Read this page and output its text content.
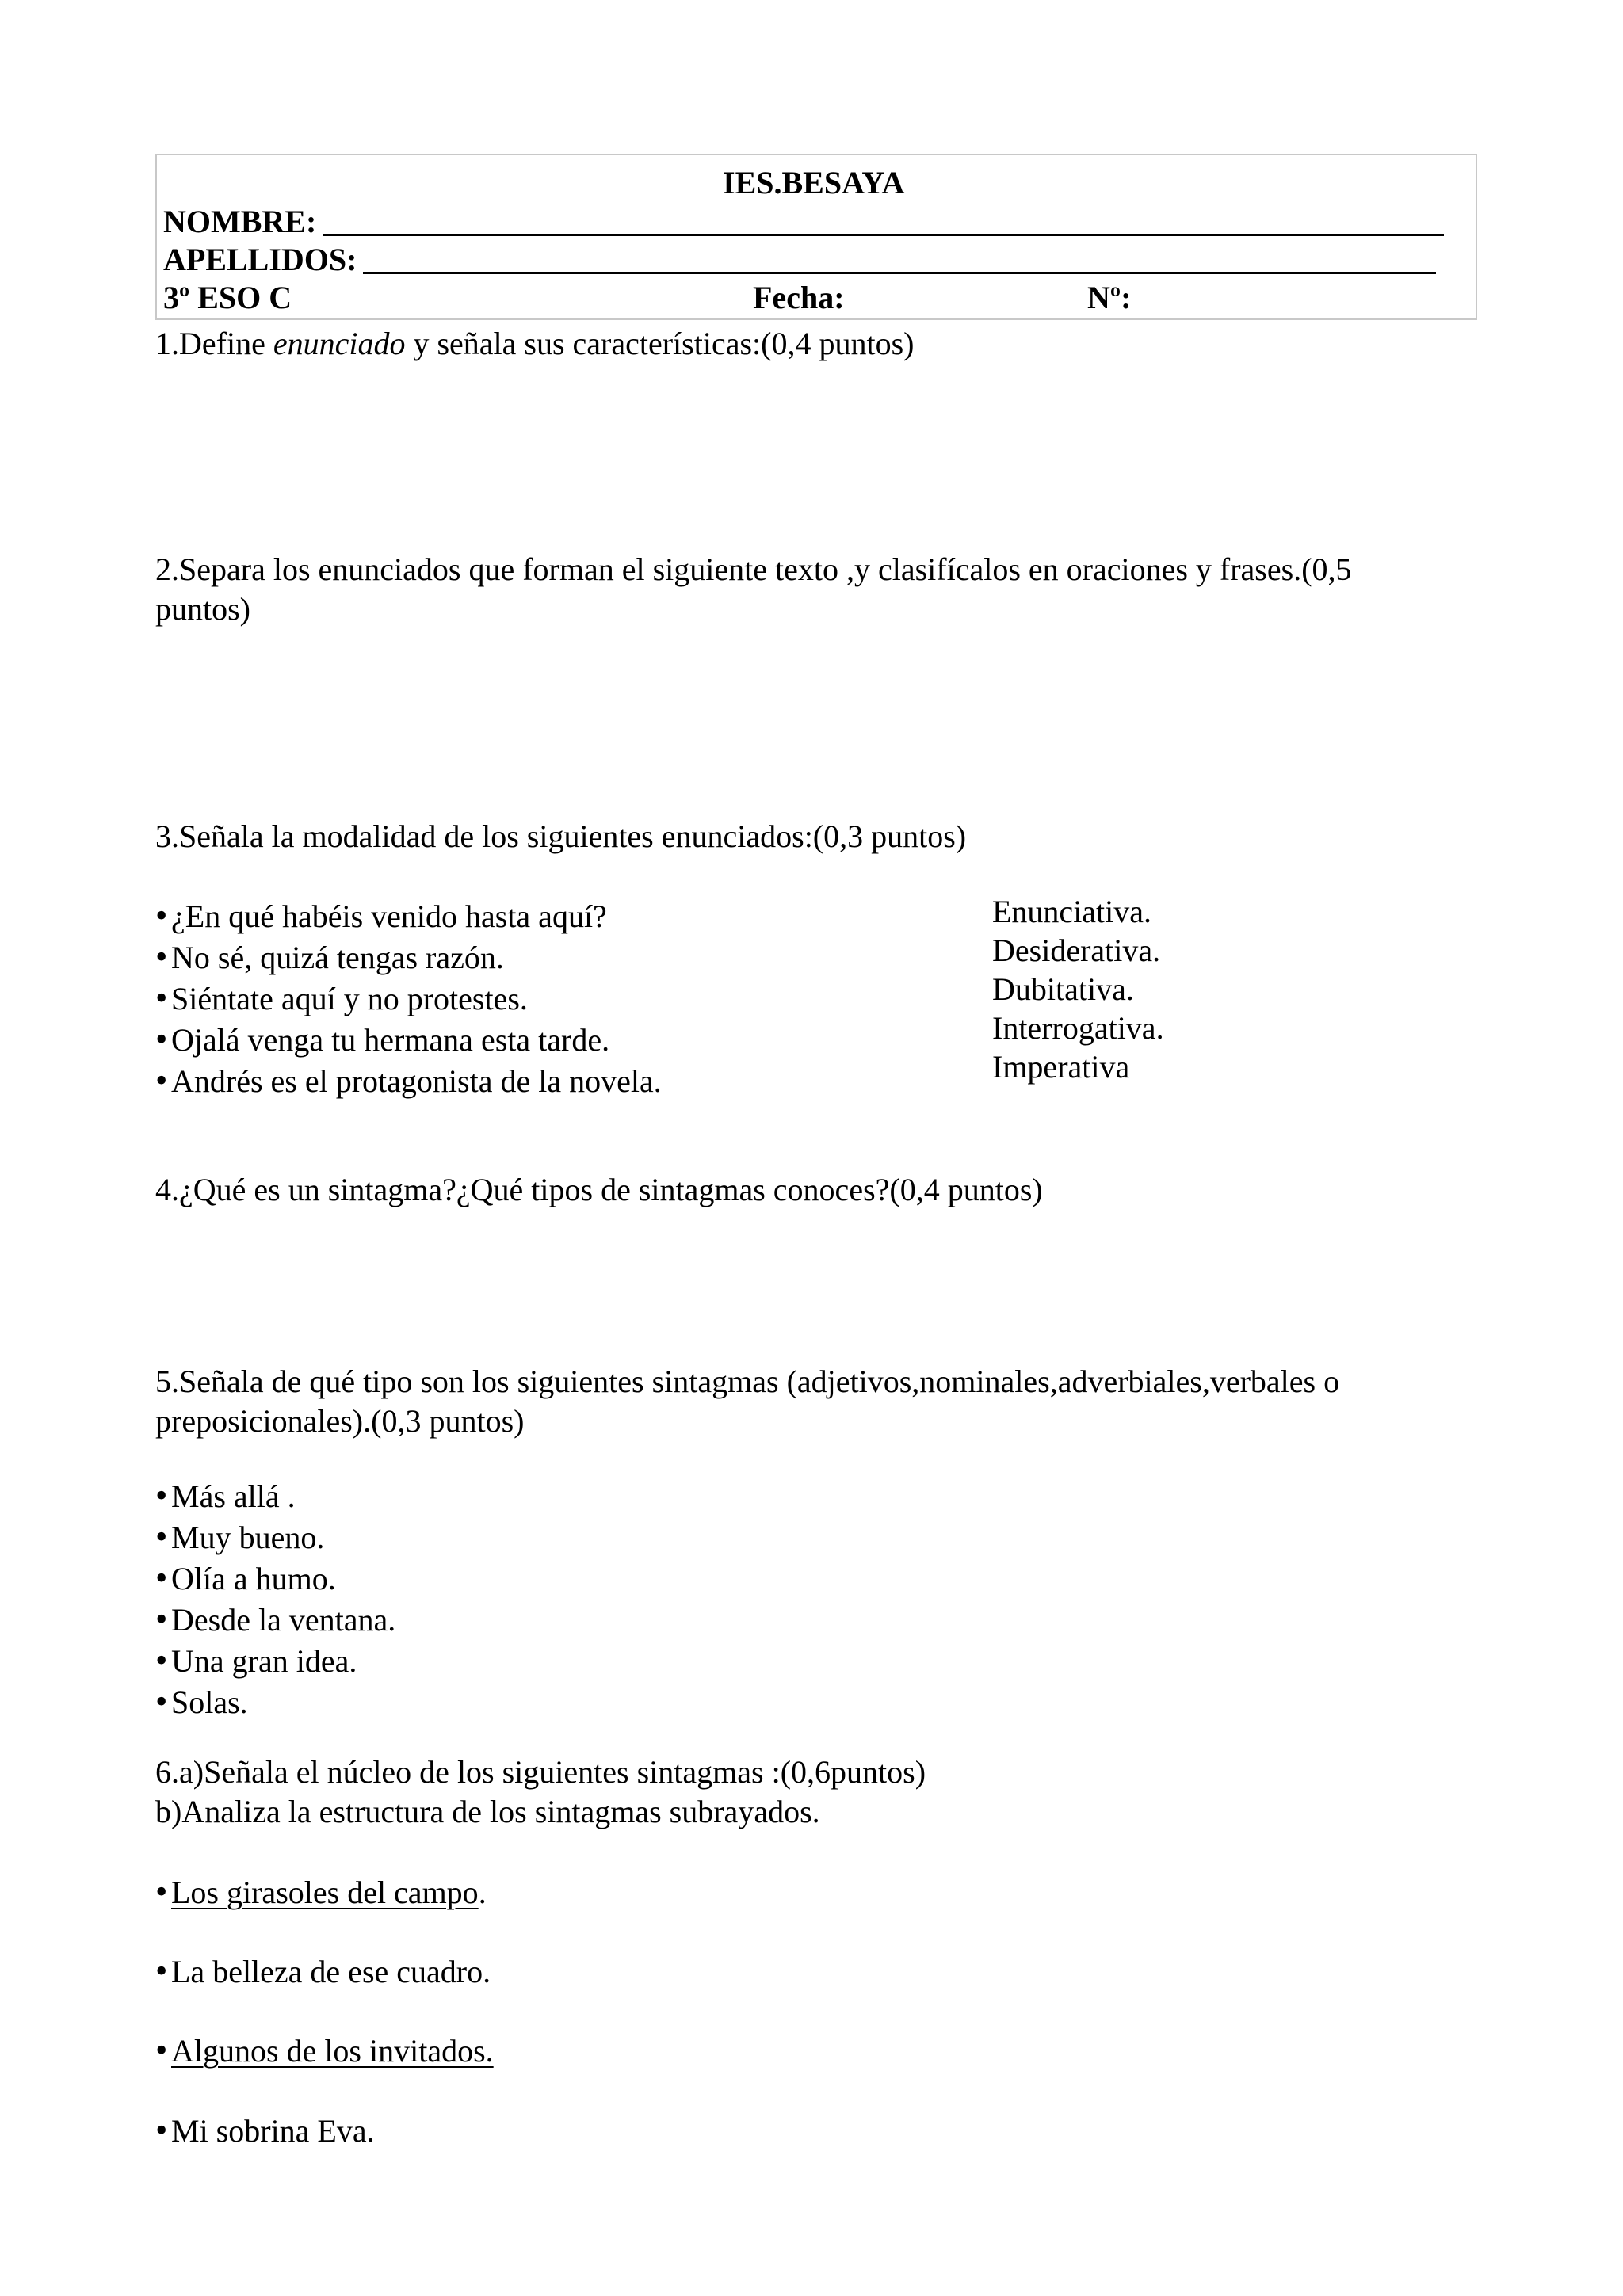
IES.BESAYA
NOMBRE:
APELLIDOS:
3º ESO C	Fecha:	Nº:
1.Define enunciado y señala sus características:(0,4 puntos)
2.Separa los enunciados que forman el siguiente texto ,y clasifícalos en oraciones y frases.(0,5 puntos)
3.Señala la modalidad de los siguientes enunciados:(0,3 puntos)
• ¿En qué habéis venido hasta aquí?
• No sé, quizá tengas razón.
• Siéntate aquí y no protestes.
• Ojalá venga tu hermana esta tarde.
• Andrés es el protagonista de la novela.
Enunciativa.
Desiderativa.
Dubitativa.
Interrogativa.
Imperativa
4.¿Qué es un sintagma?¿Qué tipos de sintagmas conoces?(0,4 puntos)
5.Señala de qué tipo son los siguientes sintagmas (adjetivos,nominales,adverbiales,verbales o preposicionales).(0,3 puntos)
• Más allá .
• Muy bueno.
• Olía a humo.
• Desde la ventana.
• Una gran idea.
• Solas.
6.a)Señala el núcleo de los siguientes sintagmas :(0,6puntos)
b)Analiza la estructura de los sintagmas subrayados.
• Los girasoles del campo.
• La belleza de ese cuadro.
• Algunos de los invitados.
• Mi sobrina Eva.
